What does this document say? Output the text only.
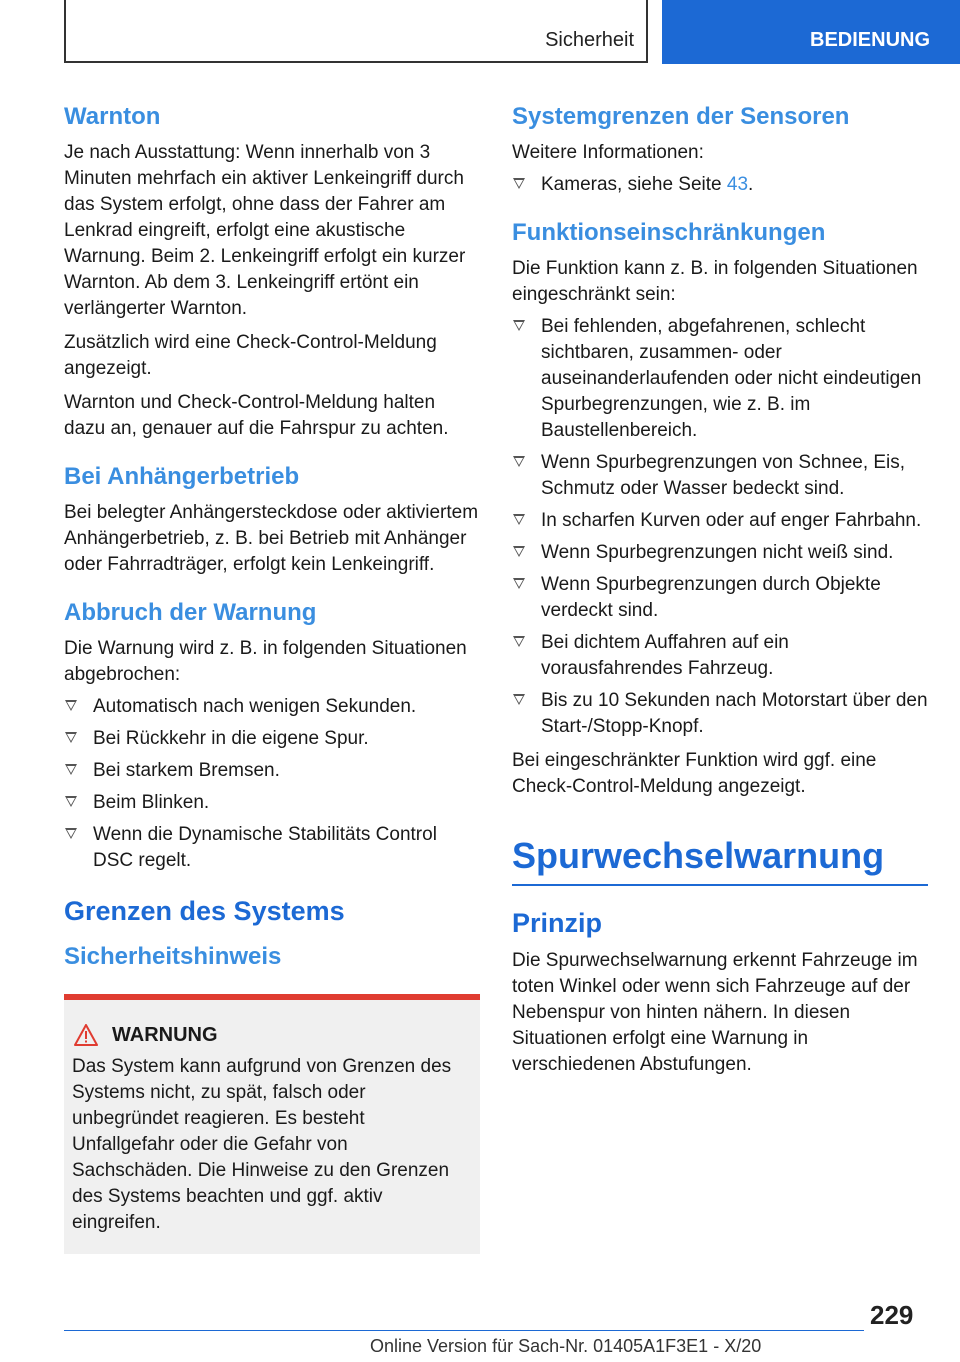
Sicherheit	BEDIENUNG
Warnton

Je nach Ausstattung: Wenn innerhalb von 3 Minuten mehrfach ein aktiver Lenkeingriff durch das System erfolgt, ohne dass der Fahrer am Lenkrad eingreift, erfolgt eine akustische Warnung. Beim 2. Lenkeingriff erfolgt ein kurzer Warnton. Ab dem 3. Lenkeingriff ertönt ein verlängerter Warnton.

Zusätzlich wird eine Check-Control-Meldung angezeigt.

Warnton und Check-Control-Meldung halten dazu an, genauer auf die Fahrspur zu achten.

Bei Anhängerbetrieb

Bei belegter Anhängersteckdose oder aktiviertem Anhängerbetrieb, z. B. bei Betrieb mit Anhänger oder Fahrradträger, erfolgt kein Lenkeingriff.

Abbruch der Warnung

Die Warnung wird z. B. in folgenden Situationen abgebrochen:

Automatisch nach wenigen Sekunden.
Bei Rückkehr in die eigene Spur.
Bei starkem Bremsen.
Beim Blinken.
Wenn die Dynamische Stabilitäts Control DSC regelt.
Grenzen des Systems
Sicherheitshinweis
WARNUNG

Das System kann aufgrund von Grenzen des Systems nicht, zu spät, falsch oder unbegründet reagieren. Es besteht Unfallgefahr oder die Gefahr von Sachschäden. Die Hinweise zu den Grenzen des Systems beachten und ggf. aktiv eingreifen.

Systemgrenzen der Sensoren

Weitere Informationen:

Kameras, siehe Seite 43.
Funktionseinschränkungen

Die Funktion kann z. B. in folgenden Situationen eingeschränkt sein:

Bei fehlenden, abgefahrenen, schlecht sichtbaren, zusammen- oder auseinanderlaufenden oder nicht eindeutigen Spurbegrenzungen, wie z. B. im Baustellenbereich.
Wenn Spurbegrenzungen von Schnee, Eis, Schmutz oder Wasser bedeckt sind.
In scharfen Kurven oder auf enger Fahrbahn.
Wenn Spurbegrenzungen nicht weiß sind.
Wenn Spurbegrenzungen durch Objekte verdeckt sind.
Bei dichtem Auffahren auf ein vorausfahrendes Fahrzeug.
Bis zu 10 Sekunden nach Motorstart über den Start-/Stopp-Knopf.

Bei eingeschränkter Funktion wird ggf. eine Check-Control-Meldung angezeigt.

Spurwechselwarnung
Prinzip

Die Spurwechselwarnung erkennt Fahrzeuge im toten Winkel oder wenn sich Fahrzeuge auf der Nebenspur von hinten nähern. In diesen Situationen erfolgt eine Warnung in verschiedenen Abstufungen.

229
Online Version für Sach-Nr. 01405A1F3E1 - X/20
